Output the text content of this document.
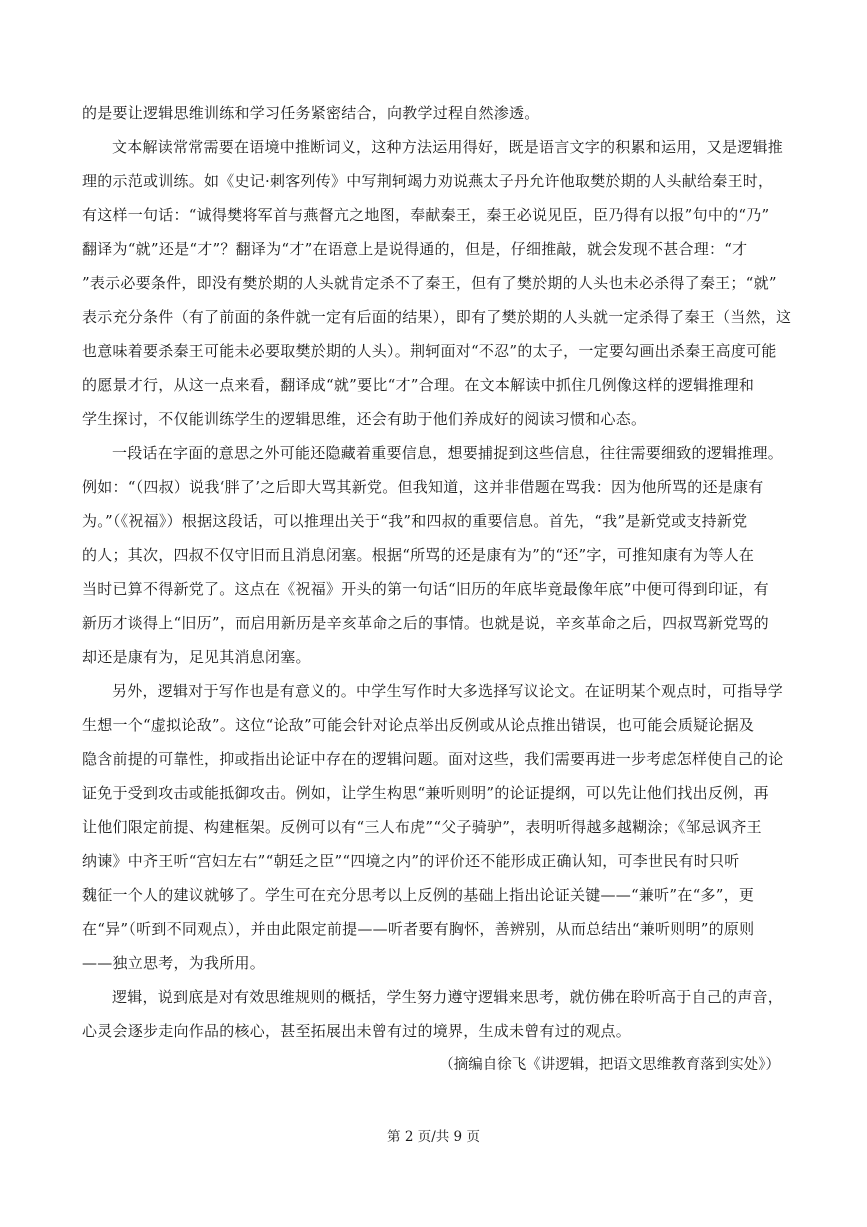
的是要让逻辑思维训练和学习任务紧密结合，向教学过程自然渗透。
文本解读常常需要在语境中推断词义，这种方法运用得好，既是语言文字的积累和运用，又是逻辑推
理的示范或训练。如《史记·刺客列传》中写荆轲竭力劝说燕太子丹允许他取樊於期的人头献给秦王时，
有这样一句话：“诚得樊将军首与燕督亢之地图，奉献秦王，秦王必说见臣，臣乃得有以报”句中的“乃”
翻译为“就”还是“才”？翻译为“才”在语意上是说得通的，但是，仔细推敲，就会发现不甚合理：“才
”表示必要条件，即没有樊於期的人头就肯定杀不了秦王，但有了樊於期的人头也未必杀得了秦王；“就”
表示充分条件（有了前面的条件就一定有后面的结果），即有了樊於期的人头就一定杀得了秦王（当然，这
也意味着要杀秦王可能未必要取樊於期的人头）。荆轲面对“不忍”的太子，一定要勾画出杀秦王高度可能
的愿景才行，从这一点来看，翻译成“就”要比“才”合理。在文本解读中抓住几例像这样的逻辑推理和
学生探讨，不仅能训练学生的逻辑思维，还会有助于他们养成好的阅读习惯和心态。
一段话在字面的意思之外可能还隐藏着重要信息，想要捕捉到这些信息，往往需要细致的逻辑推理。
例如：“（四叔）说我‘胖了’之后即大骂其新党。但我知道，这并非借题在骂我：因为他所骂的还是康有
为。”（《祝福》）根据这段话，可以推理出关于“我”和四叔的重要信息。首先，“我”是新党或支持新党
的人；其次，四叔不仅守旧而且消息闭塞。根据“所骂的还是康有为”的“还”字，可推知康有为等人在
当时已算不得新党了。这点在《祝福》开头的第一句话“旧历的年底毕竟最像年底”中便可得到印证，有
新历才谈得上“旧历”，而启用新历是辛亥革命之后的事情。也就是说，辛亥革命之后，四叔骂新党骂的
却还是康有为，足见其消息闭塞。
另外，逻辑对于写作也是有意义的。中学生写作时大多选择写议论文。在证明某个观点时，可指导学
生想一个“虚拟论敌”。这位“论敌”可能会针对论点举出反例或从论点推出错误，也可能会质疑论据及
隐含前提的可靠性，抑或指出论证中存在的逻辑问题。面对这些，我们需要再进一步考虑怎样使自己的论
证免于受到攻击或能抵御攻击。例如，让学生构思“兼听则明”的论证提纲，可以先让他们找出反例，再
让他们限定前提、构建框架。反例可以有“三人布虎”“父子骑驴”，表明听得越多越糊涂；《邹忌讽齐王
纳谏》中齐王听“宫妇左右”“朝廷之臣”“四境之内”的评价还不能形成正确认知，可李世民有时只听
魏征一个人的建议就够了。学生可在充分思考以上反例的基础上指出论证关键——“兼听”在“多”，更
在“异”（听到不同观点），并由此限定前提——听者要有胸怀，善辨别，从而总结出“兼听则明”的原则
——独立思考，为我所用。
逻辑，说到底是对有效思维规则的概括，学生努力遵守逻辑来思考，就仿佛在聆听高于自己的声音，
心灵会逐步走向作品的核心，甚至拓展出未曾有过的境界，生成未曾有过的观点。
（摘编自徐飞《讲逻辑，把语文思维教育落到实处》）
第 2 页/共 9 页
